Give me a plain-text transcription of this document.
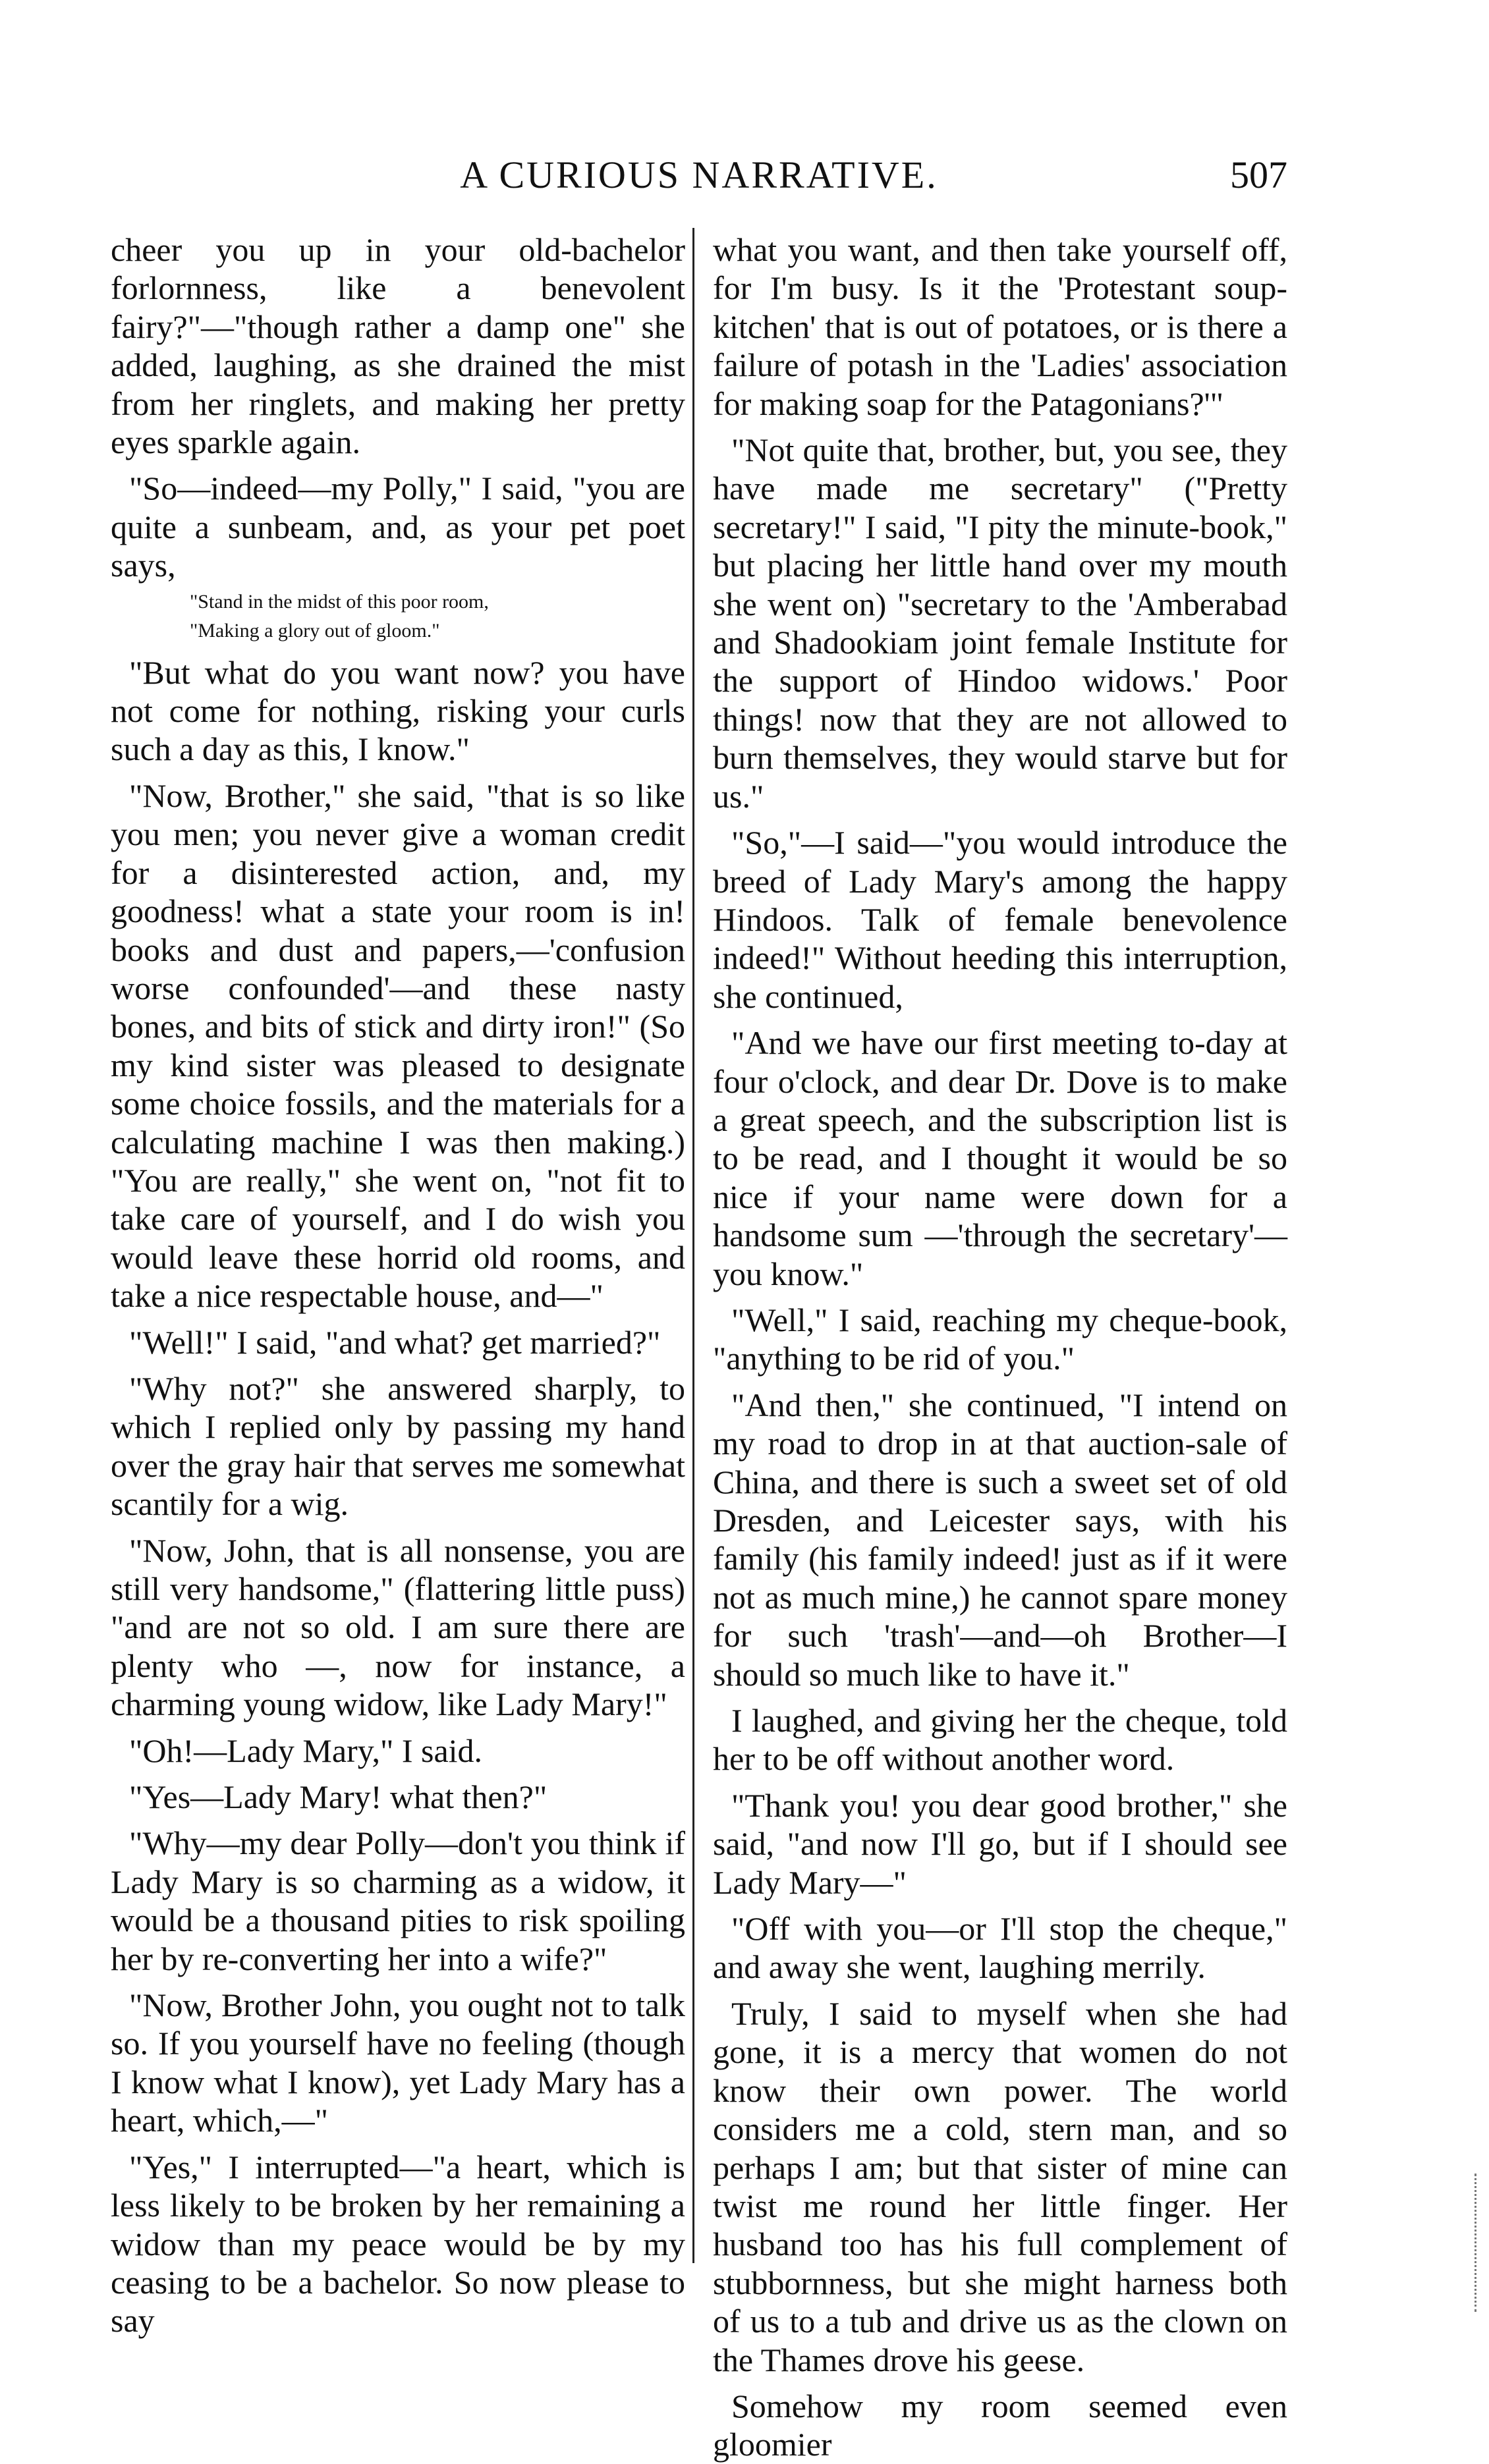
A CURIOUS NARRATIVE.	507

cheer you up in your old-bachelor forlornness, like a benevolent fairy?"—"though rather a damp one" she added, laughing, as she drained the mist from her ringlets, and making her pretty eyes sparkle again.

"So—indeed—my Polly," I said, "you are quite a sunbeam, and, as your pet poet says,

"Stand in the midst of this poor room,

"Making a glory out of gloom."

"But what do you want now? you have not come for nothing, risking your curls such a day as this, I know."

"Now, Brother," she said, "that is so like you men; you never give a woman credit for a disinterested action, and, my goodness! what a state your room is in! books and dust and papers,—'confusion worse confounded'—and these nasty bones, and bits of stick and dirty iron!" (So my kind sister was pleased to designate some choice fossils, and the materials for a calculating machine I was then making.) "You are really," she went on, "not fit to take care of yourself, and I do wish you would leave these horrid old rooms, and take a nice respectable house, and—"

"Well!" I said, "and what? get married?"

"Why not?" she answered sharply, to which I replied only by passing my hand over the gray hair that serves me somewhat scantily for a wig.

"Now, John, that is all nonsense, you are still very handsome," (flattering little puss) "and are not so old. I am sure there are plenty who —, now for instance, a charming young widow, like Lady Mary!"

"Oh!—Lady Mary," I said.

"Yes—Lady Mary! what then?"

"Why—my dear Polly—don't you think if Lady Mary is so charming as a widow, it would be a thousand pities to risk spoiling her by re-converting her into a wife?"

"Now, Brother John, you ought not to talk so. If you yourself have no feeling (though I know what I know), yet Lady Mary has a heart, which,—"

"Yes," I interrupted—"a heart, which is less likely to be broken by her remaining a widow than my peace would be by my ceasing to be a bachelor. So now please to say

what you want, and then take yourself off, for I'm busy. Is it the 'Protestant soup-kitchen' that is out of potatoes, or is there a failure of potash in the 'Ladies' association for making soap for the Patagonians?'"

"Not quite that, brother, but, you see, they have made me secretary" ("Pretty secretary!" I said, "I pity the minute-book," but placing her little hand over my mouth she went on) "secretary to the 'Amberabad and Shadookiam joint female Institute for the support of Hindoo widows.' Poor things! now that they are not allowed to burn themselves, they would starve but for us."

"So,"—I said—"you would introduce the breed of Lady Mary's among the happy Hindoos. Talk of female benevolence indeed!" Without heeding this interruption, she continued,

"And we have our first meeting to-day at four o'clock, and dear Dr. Dove is to make a great speech, and the subscription list is to be read, and I thought it would be so nice if your name were down for a handsome sum —'through the secretary'—you know."

"Well," I said, reaching my cheque-book, "anything to be rid of you."

"And then," she continued, "I intend on my road to drop in at that auction-sale of China, and there is such a sweet set of old Dresden, and Leicester says, with his family (his family indeed! just as if it were not as much mine,) he cannot spare money for such 'trash'—and—oh Brother—I should so much like to have it."

I laughed, and giving her the cheque, told her to be off without another word.

"Thank you! you dear good brother," she said, "and now I'll go, but if I should see Lady Mary—"

"Off with you—or I'll stop the cheque," and away she went, laughing merrily.

Truly, I said to myself when she had gone, it is a mercy that women do not know their own power. The world considers me a cold, stern man, and so perhaps I am; but that sister of mine can twist me round her little finger. Her husband too has his full complement of stubbornness, but she might harness both of us to a tub and drive us as the clown on the Thames drove his geese.

Somehow my room seemed even gloomier
